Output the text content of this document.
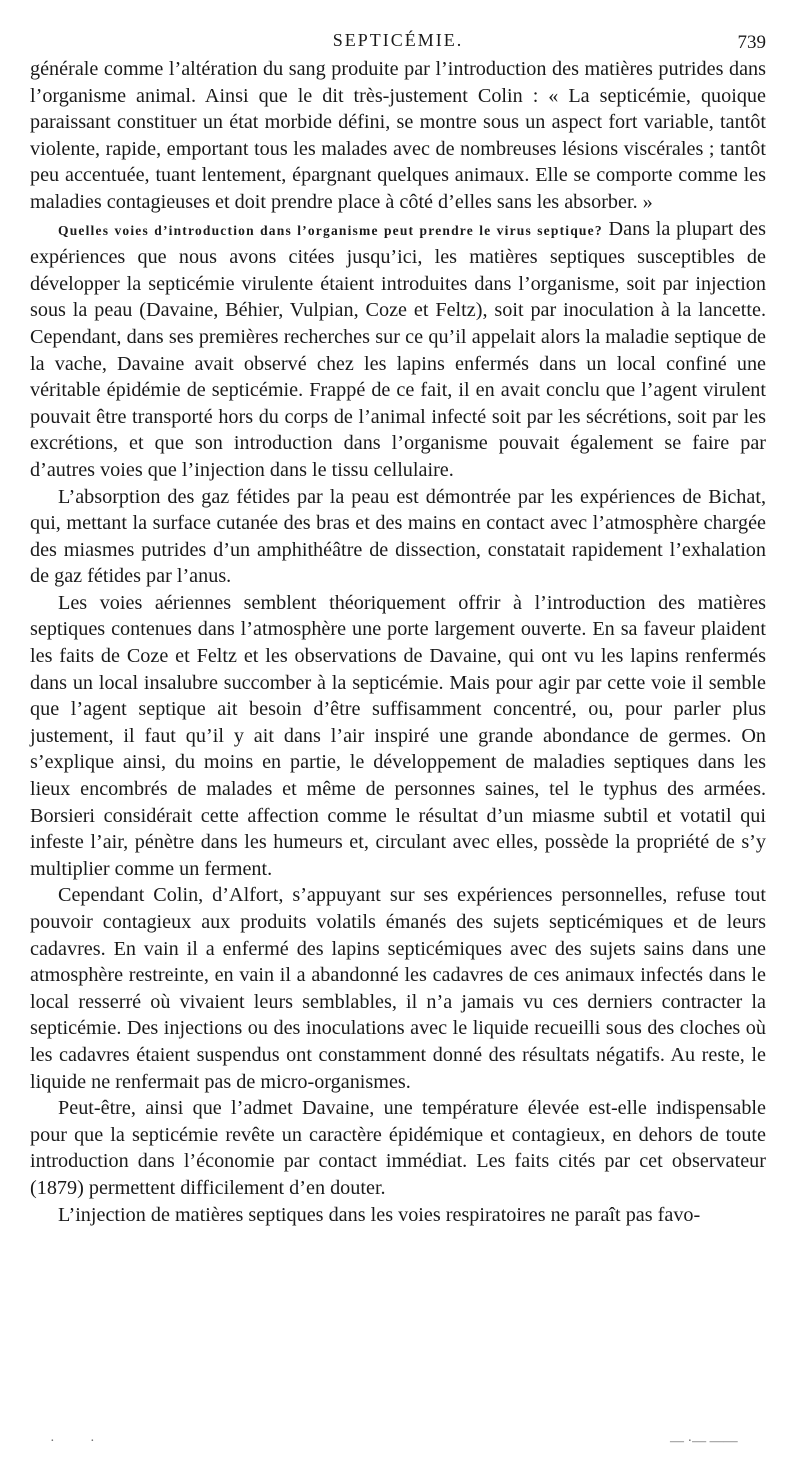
SEPTICÉMIE.	739

générale comme l’altération du sang produite par l’introduction des matières putrides dans l’organisme animal. Ainsi que le dit très-justement Colin : « La septicémie, quoique paraissant constituer un état morbide défini, se montre sous un aspect fort variable, tantôt violente, rapide, emportant tous les malades avec de nombreuses lésions viscérales ; tantôt peu accentuée, tuant lentement, épargnant quelques animaux. Elle se comporte comme les maladies contagieuses et doit prendre place à côté d’elles sans les absorber. »

Quelles voies d’introduction dans l’organisme peut prendre le virus septique? Dans la plupart des expériences que nous avons citées jusqu’ici, les matières septiques susceptibles de développer la septicémie virulente étaient introduites dans l’organisme, soit par injection sous la peau (Davaine, Béhier, Vulpian, Coze et Feltz), soit par inoculation à la lancette. Cependant, dans ses premières recherches sur ce qu’il appelait alors la maladie septique de la vache, Davaine avait observé chez les lapins enfermés dans un local confiné une véritable épidémie de septicémie. Frappé de ce fait, il en avait conclu que l’agent virulent pouvait être transporté hors du corps de l’animal infecté soit par les sécrétions, soit par les excrétions, et que son introduction dans l’organisme pouvait également se faire par d’autres voies que l’injection dans le tissu cellulaire.

L’absorption des gaz fétides par la peau est démontrée par les expériences de Bichat, qui, mettant la surface cutanée des bras et des mains en contact avec l’atmosphère chargée des miasmes putrides d’un amphithéâtre de dissection, constatait rapidement l’exhalation de gaz fétides par l’anus.

Les voies aériennes semblent théoriquement offrir à l’introduction des matières septiques contenues dans l’atmosphère une porte largement ouverte. En sa faveur plaident les faits de Coze et Feltz et les observations de Davaine, qui ont vu les lapins renfermés dans un local insalubre succomber à la septicémie. Mais pour agir par cette voie il semble que l’agent septique ait besoin d’être suffisamment concentré, ou, pour parler plus justement, il faut qu’il y ait dans l’air inspiré une grande abondance de germes. On s’explique ainsi, du moins en partie, le développement de maladies septiques dans les lieux encombrés de malades et même de personnes saines, tel le typhus des armées. Borsieri considérait cette affection comme le résultat d’un miasme subtil et votatil qui infeste l’air, pénètre dans les humeurs et, circulant avec elles, possède la propriété de s’y multiplier comme un ferment.

Cependant Colin, d’Alfort, s’appuyant sur ses expériences personnelles, refuse tout pouvoir contagieux aux produits volatils émanés des sujets septicémiques et de leurs cadavres. En vain il a enfermé des lapins septicémiques avec des sujets sains dans une atmosphère restreinte, en vain il a abandonné les cadavres de ces animaux infectés dans le local resserré où vivaient leurs semblables, il n’a jamais vu ces derniers contracter la septicémie. Des injections ou des inoculations avec le liquide recueilli sous des cloches où les cadavres étaient suspendus ont constamment donné des résultats négatifs. Au reste, le liquide ne renfermait pas de micro-organismes.

Peut-être, ainsi que l’admet Davaine, une température élevée est-elle indispensable pour que la septicémie revête un caractère épidémique et contagieux, en dehors de toute introduction dans l’économie par contact immédiat. Les faits cités par cet observateur (1879) permettent difficilement d’en douter.

L’injection de matières septiques dans les voies respiratoires ne paraît pas favo-

·	·	— ·— ——
